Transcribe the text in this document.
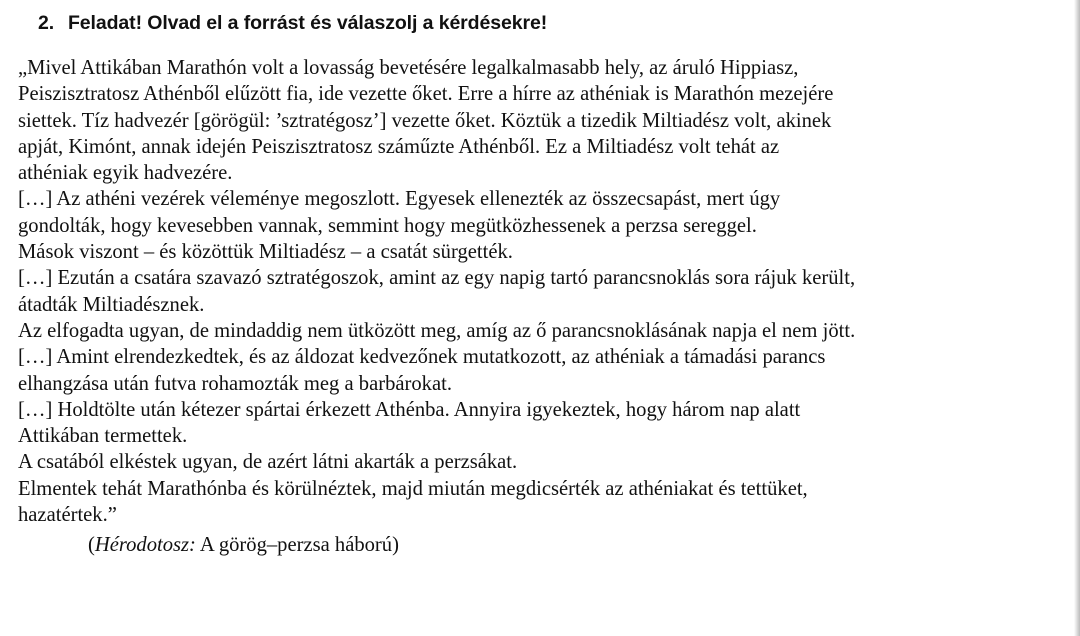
2. Feladat! Olvad el a forrást és válaszolj a kérdésekre!
„Mivel Attikában Marathón volt a lovasság bevetésére legalkalmasabb hely, az áruló Hippiasz,
Peiszisztratosz Athénből elűzött fia, ide vezette őket. Erre a hírre az athéniak is Marathón mezejére
siettek. Tíz hadvezér [görögül: ’sztratégosz’] vezette őket. Köztük a tizedik Miltiadész volt, akinek
apját, Kimónt, annak idején Peiszisztratosz száműzte Athénből. Ez a Miltiadész volt tehát az
athéniak egyik hadvezére.
[…] Az athéni vezérek véleménye megoszlott. Egyesek ellenezték az összecsapást, mert úgy
gondolták, hogy kevesebben vannak, semmint hogy megütközhessenek a perzsa sereggel.
Mások viszont – és közöttük Miltiadész – a csatát sürgették.
[…] Ezután a csatára szavazó sztratégoszok, amint az egy napig tartó parancsnoklás sora rájuk került,
átadták Miltiadésznek.
Az elfogadta ugyan, de mindaddig nem ütközött meg, amíg az ő parancsnoklásának napja el nem jött.
[…] Amint elrendezkedtek, és az áldozat kedvezőnek mutatkozott, az athéniak a támadási parancs
elhangzása után futva rohamozták meg a barbárokat.
[…] Holdtölte után kétezer spártai érkezett Athénba. Annyira igyekeztek, hogy három nap alatt
Attikában termettek.
A csatából elkéstek ugyan, de azért látni akarták a perzsákat.
Elmentek tehát Marathónba és körülnéztek, majd miután megdicsérték az athéniakat és tettüket,
hazatértek.”
(Hérodotosz: A görög–perzsa háború)
